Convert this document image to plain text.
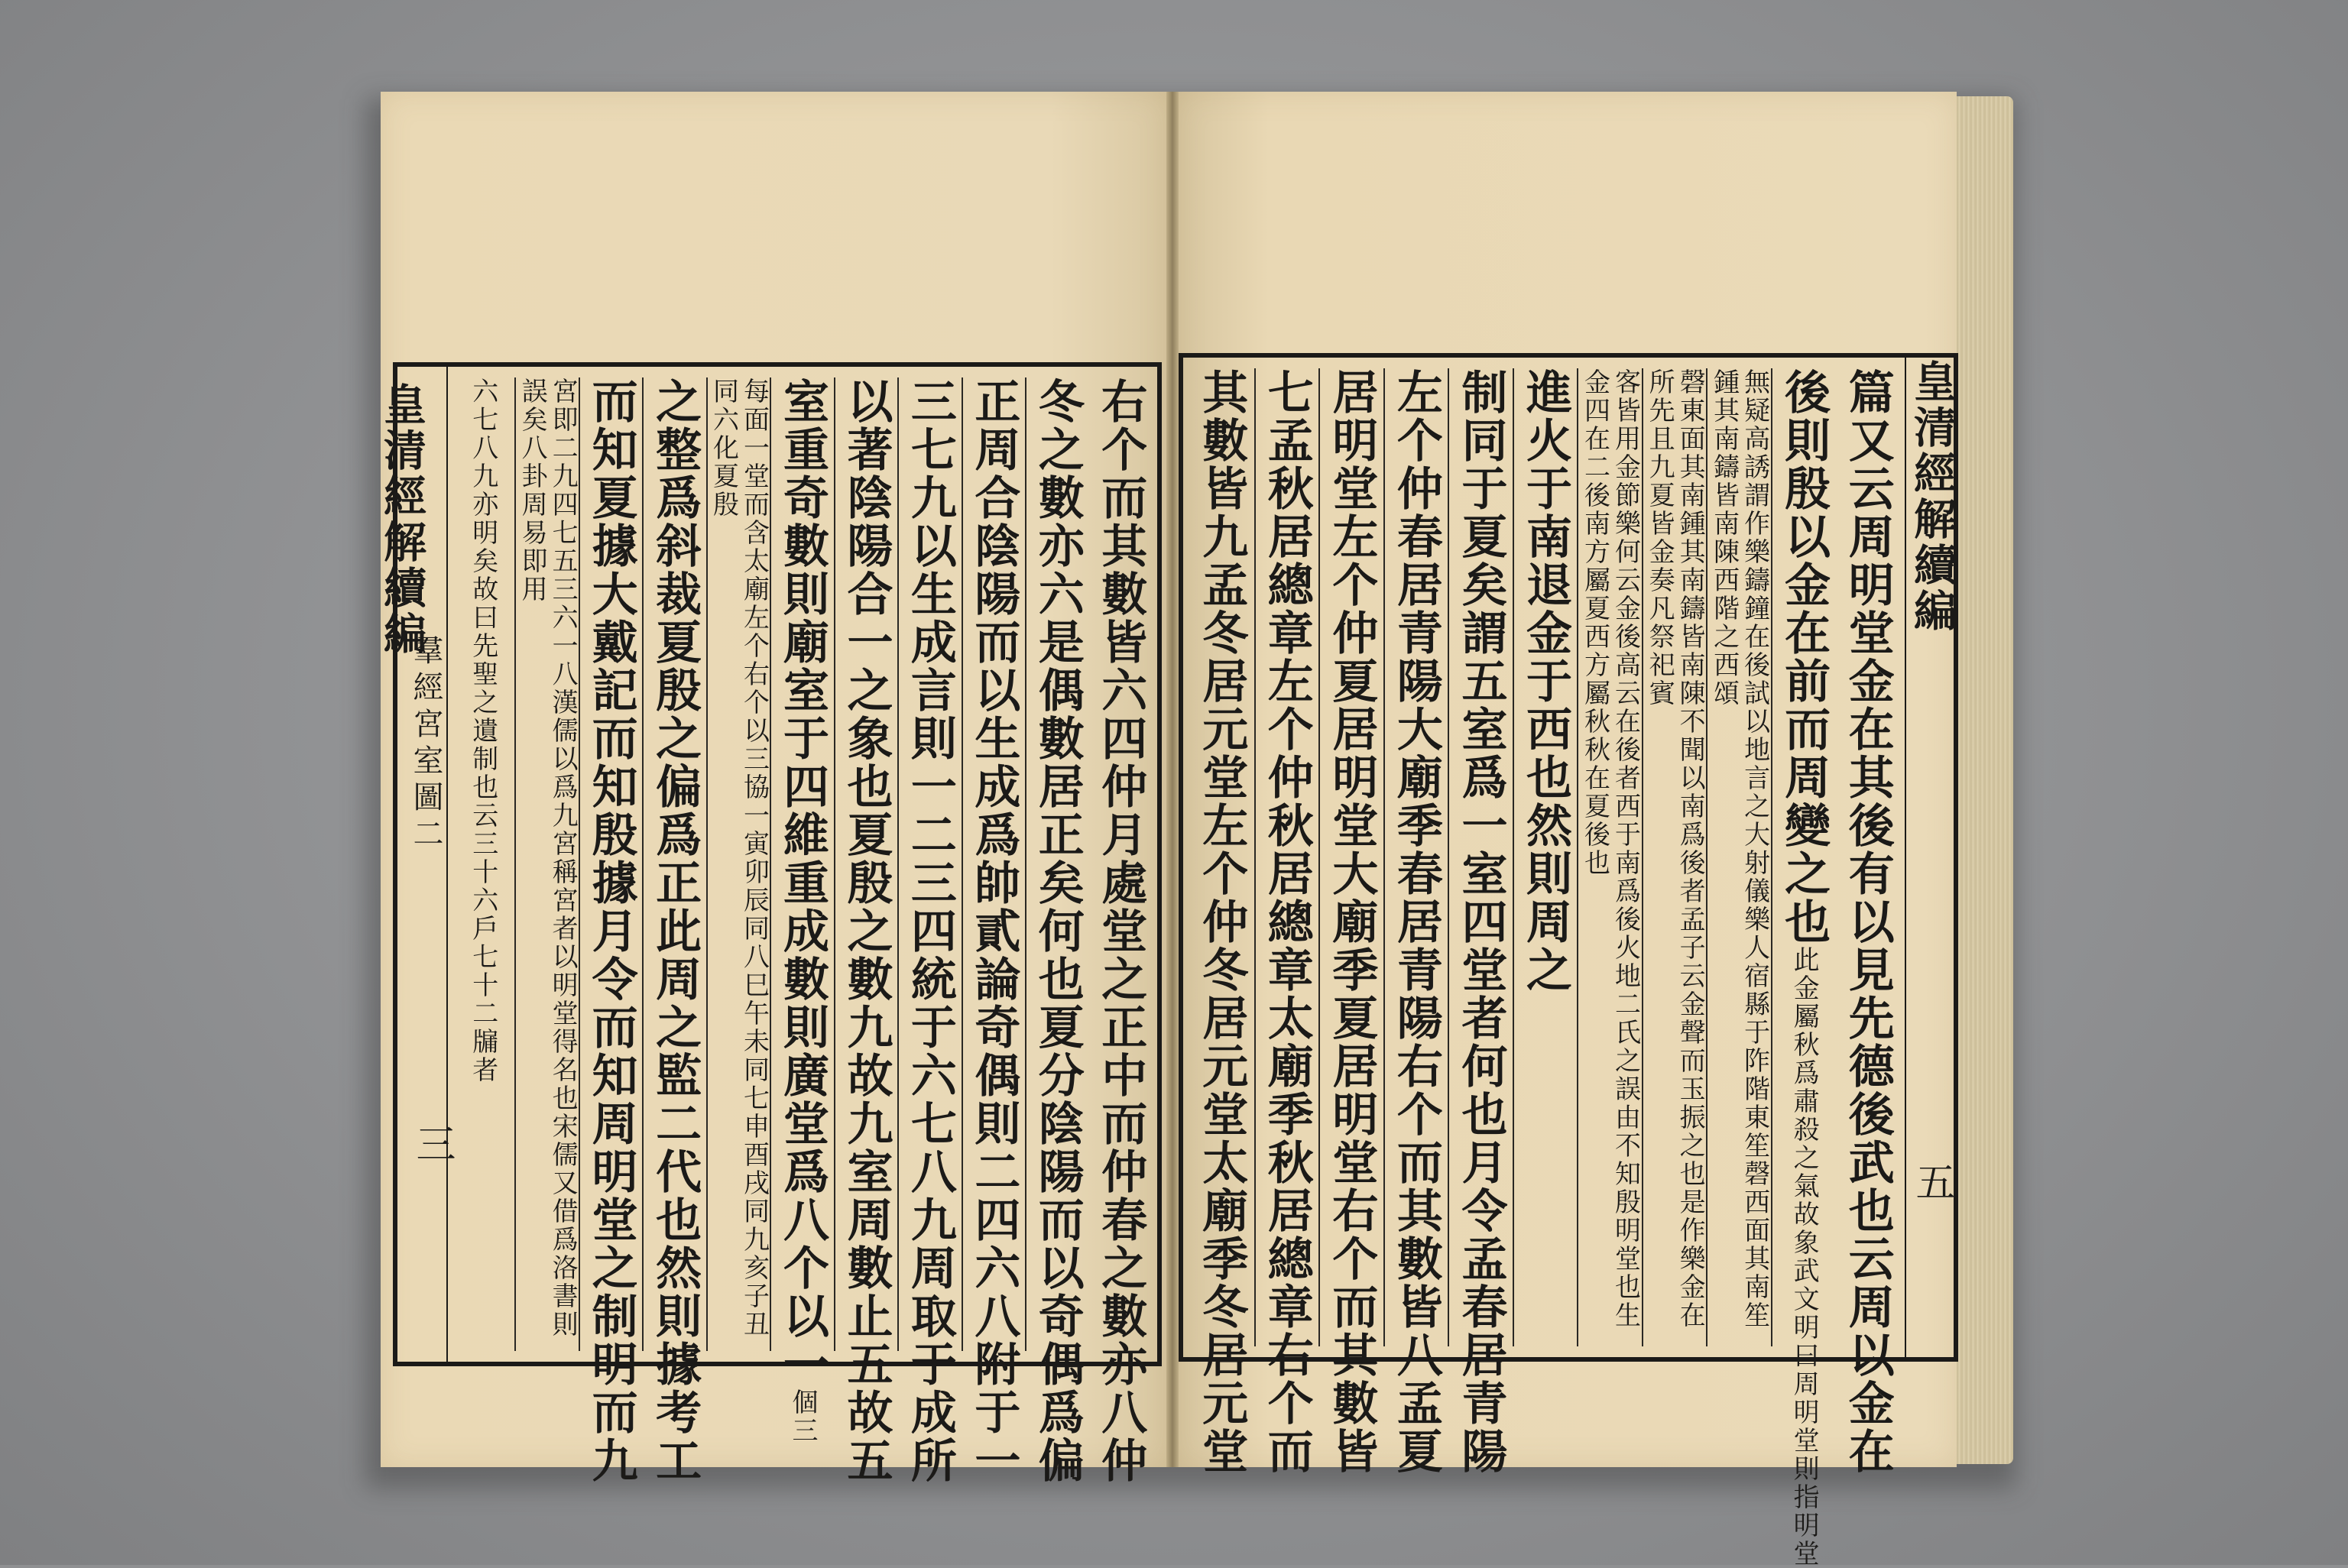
右个而其數皆六四仲月處堂之正中而仲春之數亦八仲
冬之數亦六是偶數居正矣何也夏分陰陽而以奇偶爲偏
正周合陰陽而以生成爲帥貳論奇偶則二四六八附于一
三七九以生成言則一二三四統于六七八九周取于成所
以著陰陽合一之象也夏殷之數九故九室周數止五故五
室重奇數則廟室于四維重成數則廣堂爲八个以一個三
每面一堂而含太廟左个右个以三協一寅卯辰同八巳午未同七申酉戌同九亥子丑同六化夏殷
之整爲斜裁夏殷之偏爲正此周之監二代也然則據考工
而知夏據大戴記而知殷據月令而知周明堂之制明而九
宮即二九四七五三六一八漢儒以爲九宮稱宮者以明堂得名也宋儒又借爲洛書則誤矣八卦周易即用
六七八九亦明矣故曰先聖之遺制也云三十六戶七十二牖者
皇清經解續編
羣經宮室圖二
三	篇又云周明堂金在其後有以見先德後武也云周以金在
後則殷以金在前而周變之也此金屬秋爲肅殺之氣故象武文明曰周明堂則指明堂
無疑高誘謂作樂鑄鐘在後試以地言之大射儀樂人宿縣于阼階東笙磬西面其南笙鍾其南鑄皆南陳西階之西頌
磬東面其南鍾其南鑄皆南陳不聞以南爲後者孟子云金聲而玉振之也是作樂金在所先且九夏皆金奏凡祭祀賓
客皆用金節樂何云金後高云在後者西于南爲後火地二氏之誤由不知殷明堂也生金四在二後南方屬夏西方屬秋秋在夏後也
進火于南退金于西也然則周之
制同于夏矣謂五室爲一室四堂者何也月令孟春居青陽
左个仲春居青陽大廟季春居青陽右个而其數皆八孟夏
居明堂左个仲夏居明堂大廟季夏居明堂右个而其數皆
七孟秋居總章左个仲秋居總章太廟季秋居總章右个而
其數皆九孟冬居元堂左个仲冬居元堂太廟季冬居元堂	皇清經解續編
五
